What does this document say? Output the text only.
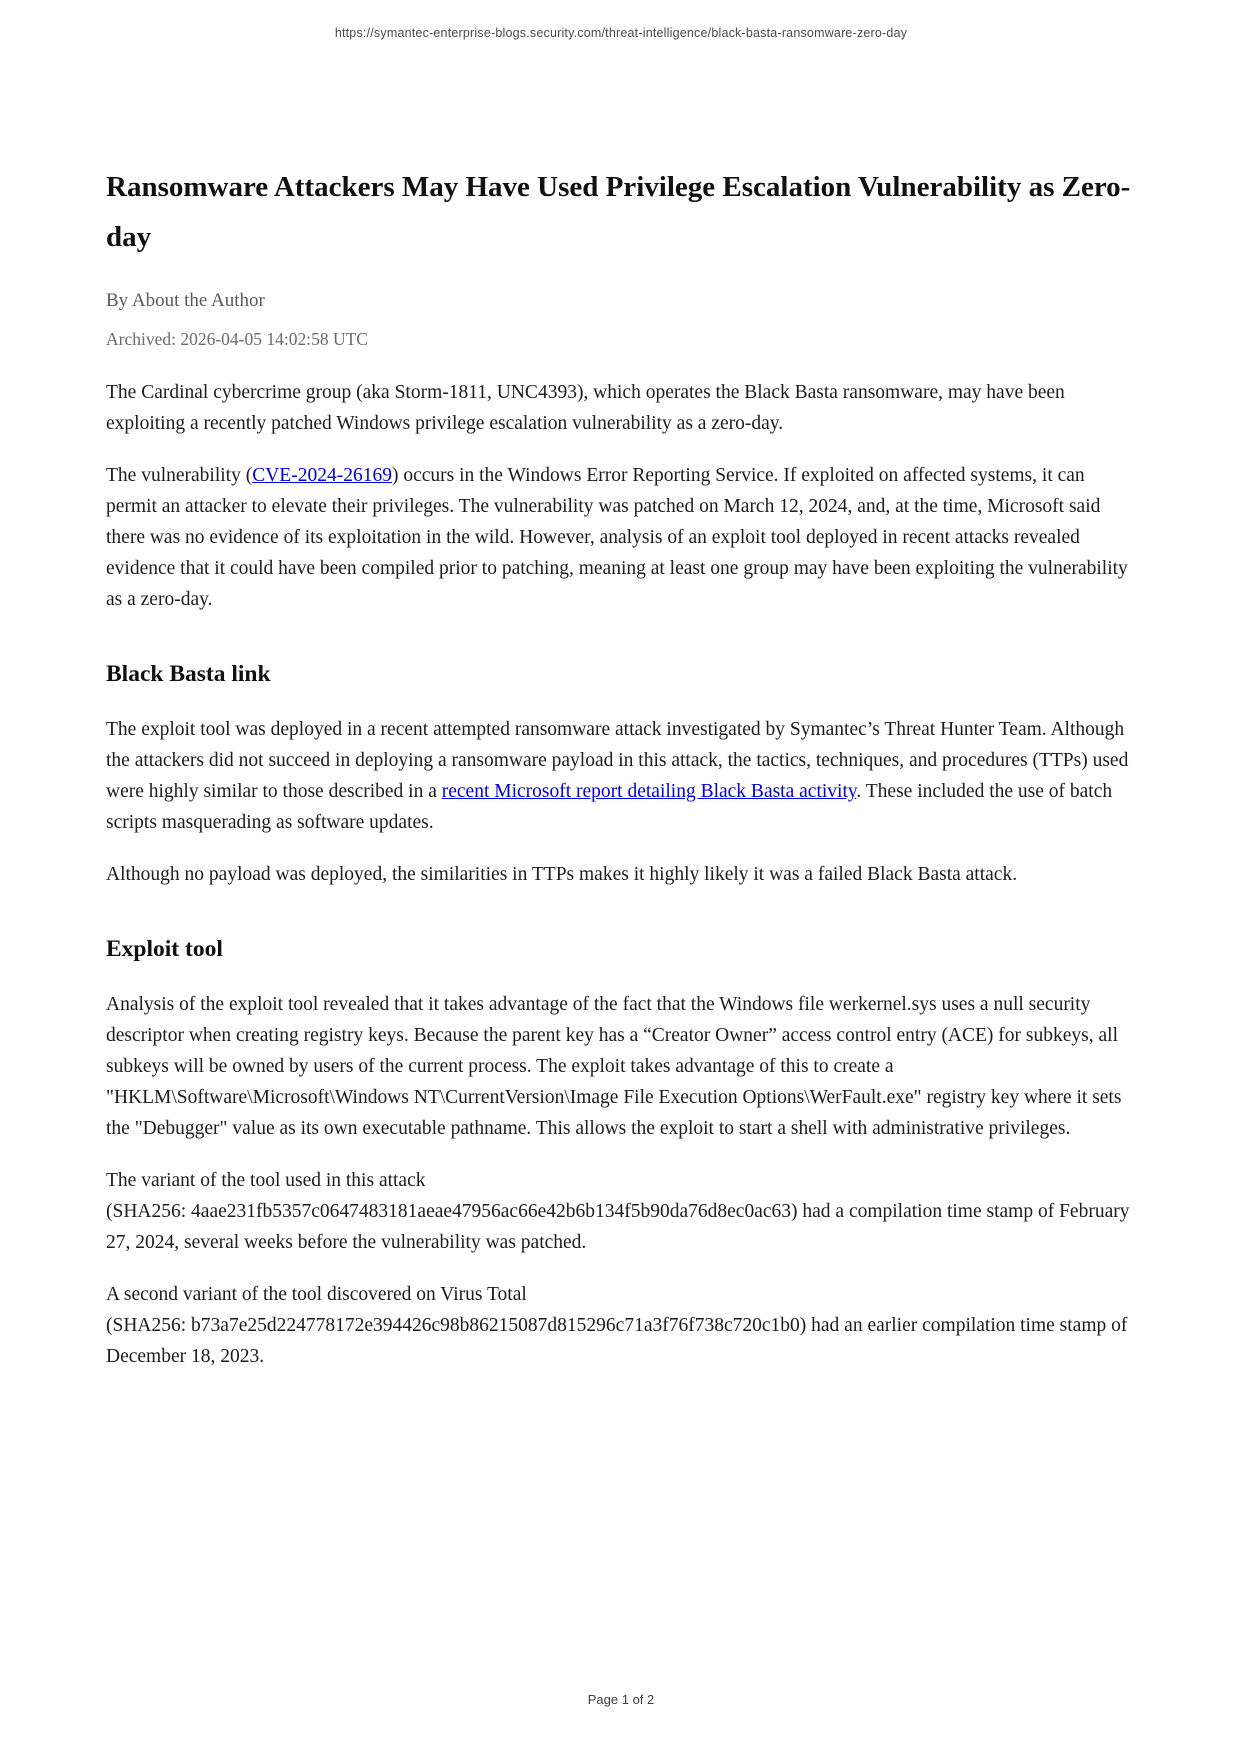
https://symantec-enterprise-blogs.security.com/threat-intelligence/black-basta-ransomware-zero-day
Ransomware Attackers May Have Used Privilege Escalation Vulnerability as Zero-day

By About the Author

Archived: 2026-04-05 14:02:58 UTC

The Cardinal cybercrime group (aka Storm-1811, UNC4393), which operates the Black Basta ransomware, may have been exploiting a recently patched Windows privilege escalation vulnerability as a zero-day.

The vulnerability (CVE-2024-26169) occurs in the Windows Error Reporting Service. If exploited on affected systems, it can permit an attacker to elevate their privileges. The vulnerability was patched on March 12, 2024, and, at the time, Microsoft said there was no evidence of its exploitation in the wild. However, analysis of an exploit tool deployed in recent attacks revealed evidence that it could have been compiled prior to patching, meaning at least one group may have been exploiting the vulnerability as a zero-day.

Black Basta link

The exploit tool was deployed in a recent attempted ransomware attack investigated by Symantec’s Threat Hunter Team. Although the attackers did not succeed in deploying a ransomware payload in this attack, the tactics, techniques, and procedures (TTPs) used were highly similar to those described in a recent Microsoft report detailing Black Basta activity. These included the use of batch scripts masquerading as software updates.

Although no payload was deployed, the similarities in TTPs makes it highly likely it was a failed Black Basta attack.

Exploit tool

Analysis of the exploit tool revealed that it takes advantage of the fact that the Windows file werkernel.sys uses a null security descriptor when creating registry keys. Because the parent key has a “Creator Owner” access control entry (ACE) for subkeys, all subkeys will be owned by users of the current process. The exploit takes advantage of this to create a "HKLM\Software\Microsoft\Windows NT\CurrentVersion\Image File Execution Options\WerFault.exe" registry key where it sets the "Debugger" value as its own executable pathname. This allows the exploit to start a shell with administrative privileges.

The variant of the tool used in this attack
(SHA256: 4aae231fb5357c0647483181aeae47956ac66e42b6b134f5b90da76d8ec0ac63) had a compilation time stamp of February 27, 2024, several weeks before the vulnerability was patched.

A second variant of the tool discovered on Virus Total
(SHA256: b73a7e25d224778172e394426c98b86215087d815296c71a3f76f738c720c1b0) had an earlier compilation time stamp of December 18, 2023.

Page 1 of 2
